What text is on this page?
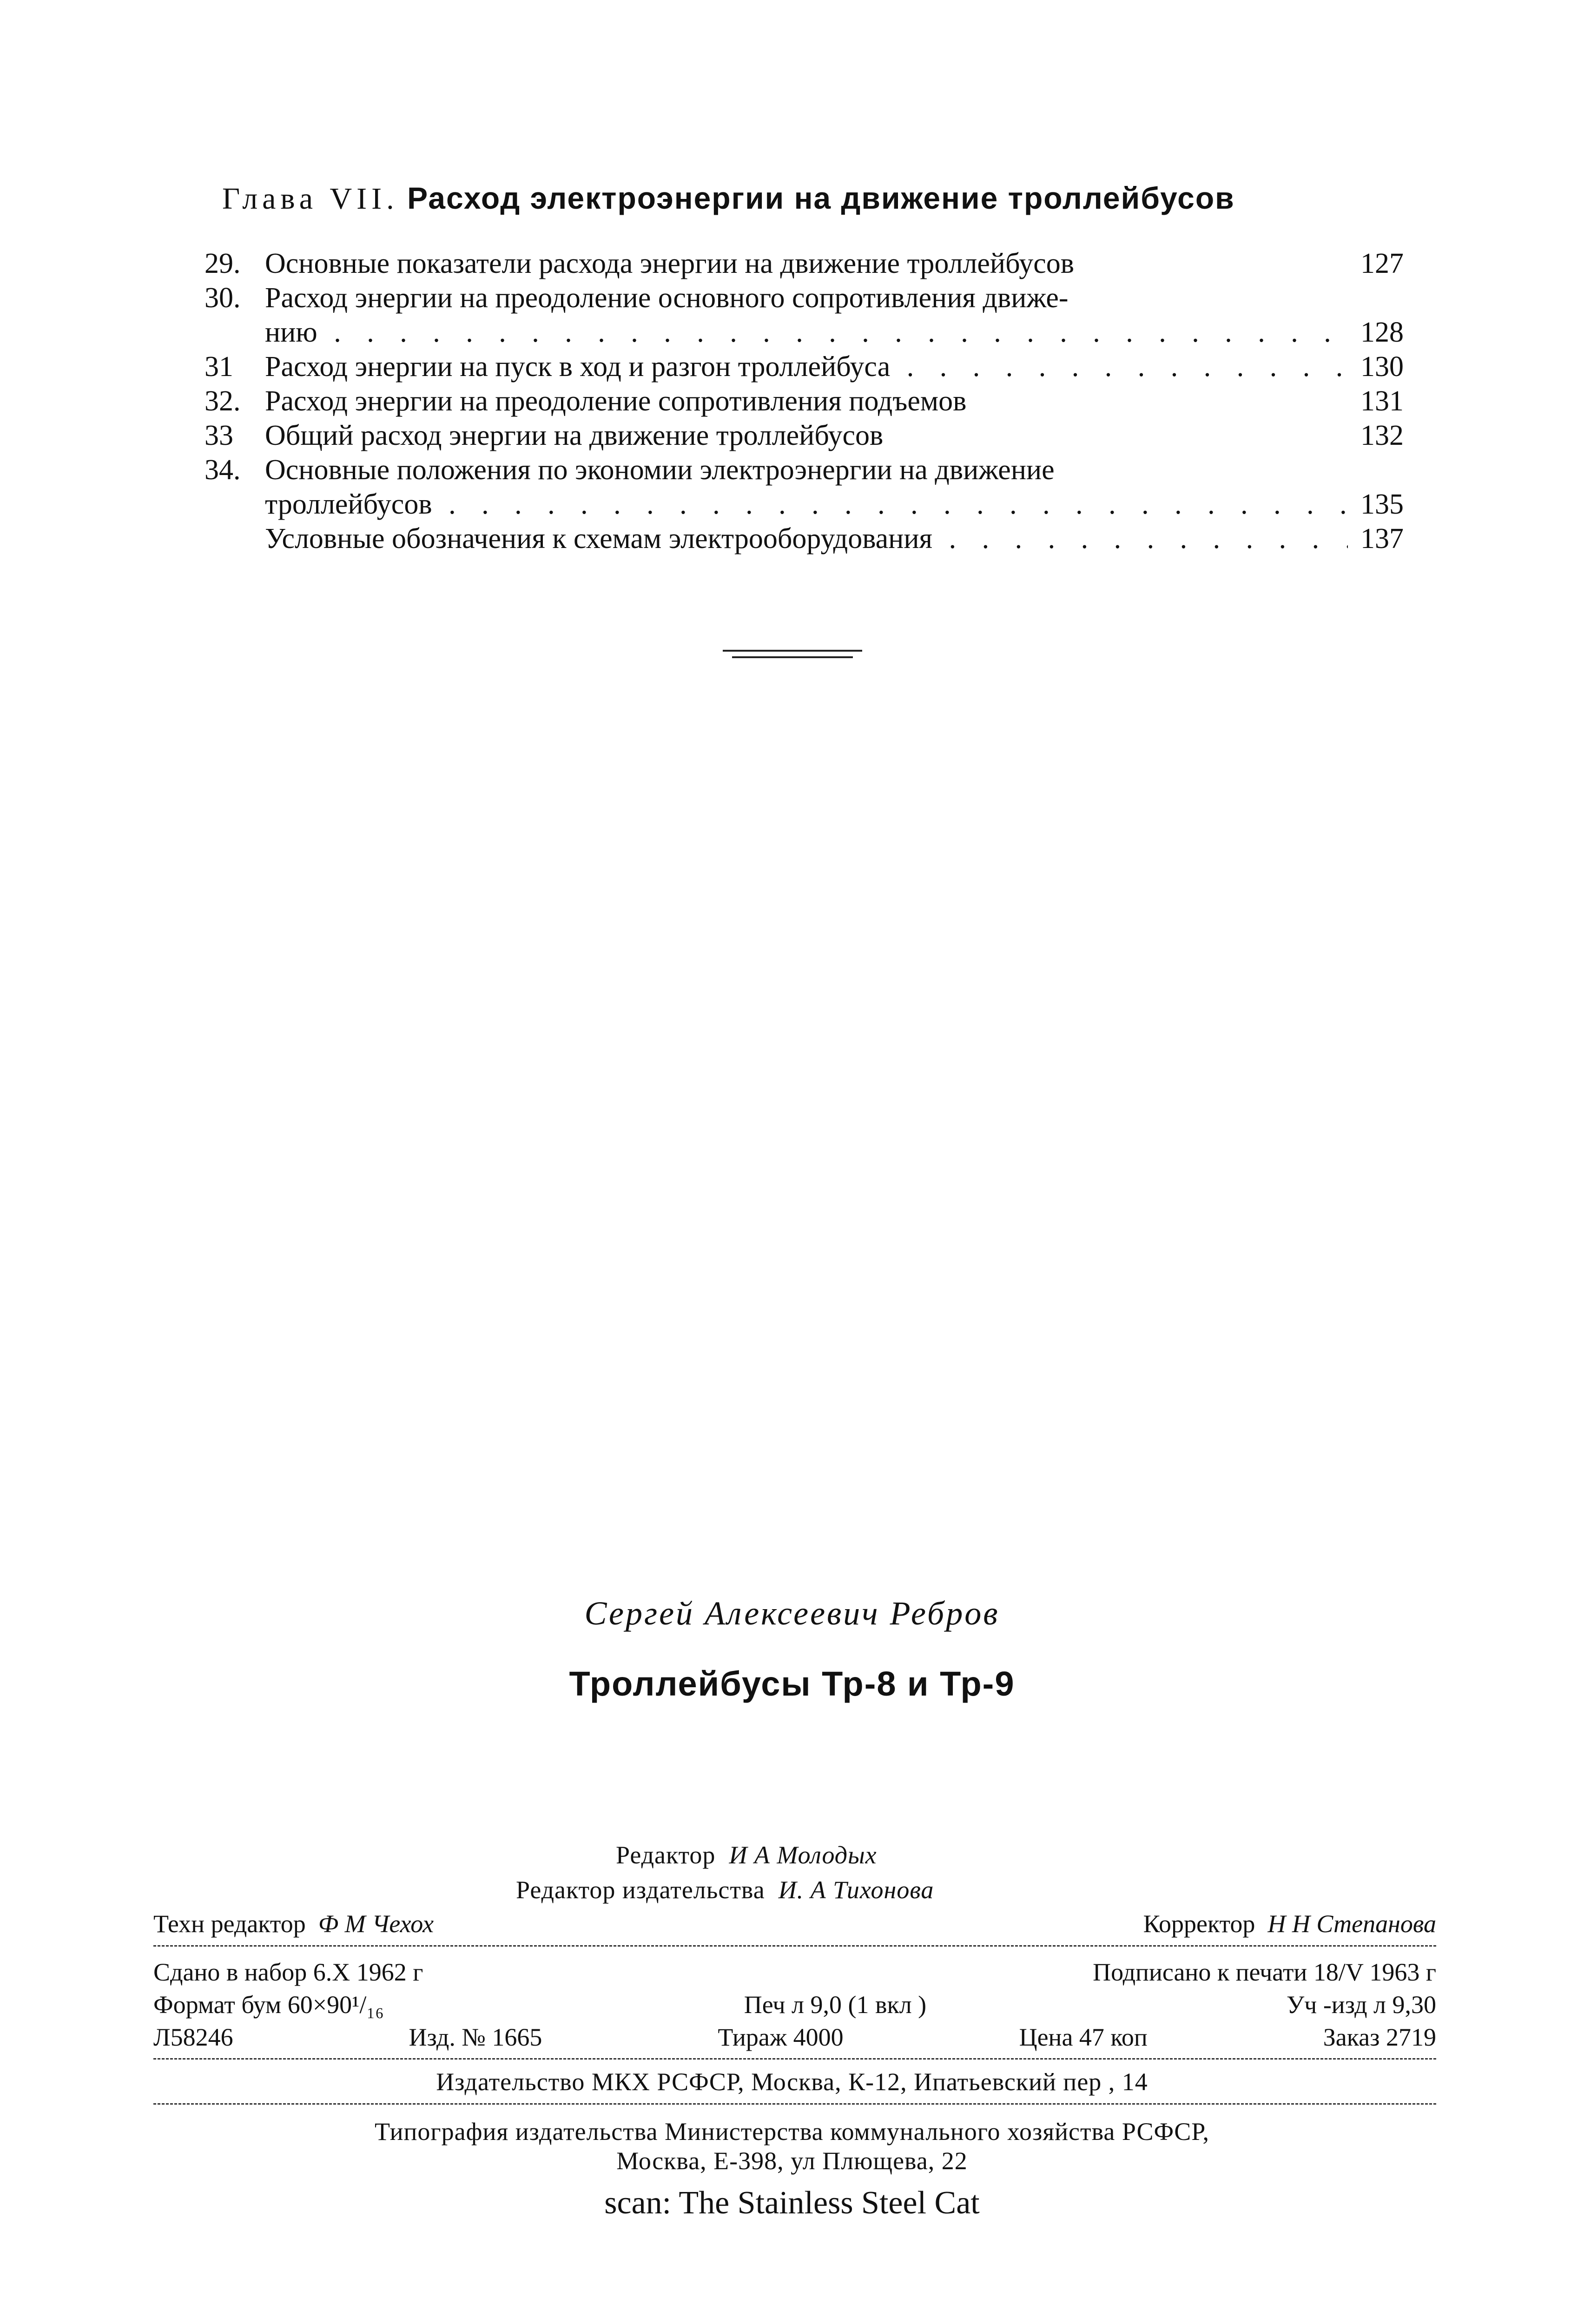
Глава VII. Расход электроэнергии на движение троллейбусов
29. Основные показатели расхода энергии на движение троллейбусов	127
30. Расход энергии на преодоление основного сопротивления движе-
нию . .	128
31	Расход энергии на пуск в ход и разгон троллейбуса . .	130
32. Расход энергии на преодоление сопротивления подъемов	131
33	Общий расход энергии на движение троллейбусов	132
34. Основные положения по экономии электроэнергии на движение
троллейбусов . .	135
Условные обозначения к схемам электрооборудования . .	137
Сергей Алексеевич Ребров
Троллейбусы Тр-8 и Тр-9
Редактор И А Молодых
Редактор издательства И. А Тихонова
Техн редактор Ф М Чехох	Корректор Н Н Степанова
Сдано в набор 6.X 1962 г	Подписано к печати 18/V 1963 г
Формат бум 60×90¹/₁₆	Печ л 9,0 (1 вкл )	Уч -изд л 9,30
Л58246	Изд. № 1665	Тираж 4000	Цена 47 коп	Заказ 2719
Издательство МКХ РСФСР, Москва, К-12, Ипатьевский пер , 14
Типография издательства Министерства коммунального хозяйства РСФСР,
Москва, Е-398, ул Плющева, 22
scan: The Stainless Steel Cat
